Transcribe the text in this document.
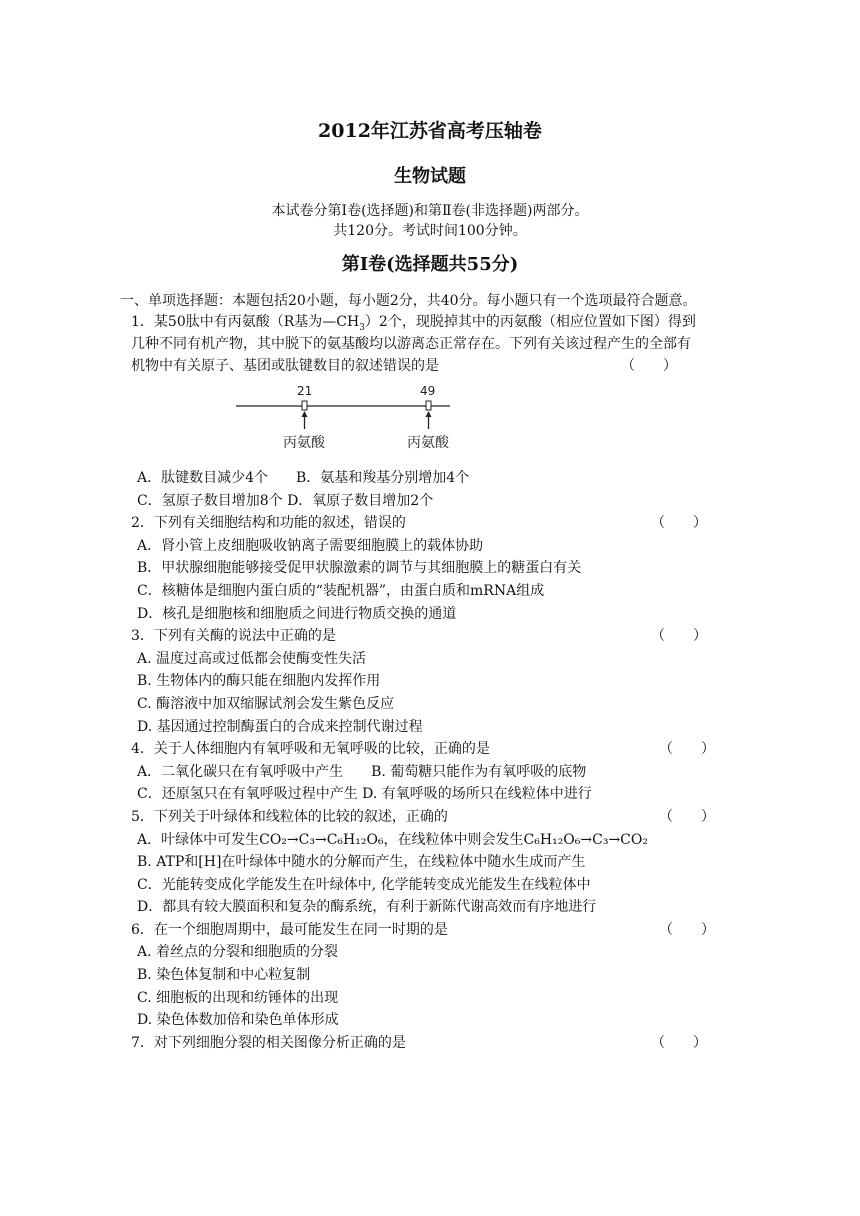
2012年江苏省高考压轴卷
生物试题
本试卷分第Ⅰ卷(选择题)和第Ⅱ卷(非选择题)两部分。
共120分。考试时间100分钟。
第Ⅰ卷(选择题共55分)
一、单项选择题：本题包括20小题，每小题2分，共40分。每小题只有一个选项最符合题意。
1．某50肽中有丙氨酸（R基为$—CH_3)2$个，现脱掉其中的丙氨酸（相应位置如下图）得到
几种不同有机产物，其中脱下的氨基酸均以游离态正常存在。下列有关该过程产生的全部有
机物中有关原子、基团或肽键数目的叙述错误的是	（　　）
21	49
丙氨酸	丙氨酸
A．肽键数目减少4个　　B．氨基和羧基分别增加4个
C．氢原子数目增加8个 D．氧原子数目增加2个
2．下列有关细胞结构和功能的叙述，错误的	（　　）
A．肾小管上皮细胞吸收钠离子需要细胞膜上的载体协助
B．甲状腺细胞能够接受促甲状腺激素的调节与其细胞膜上的糖蛋白有关
C．核糖体是细胞内蛋白质的“装配机器”，由蛋白质和mRNA组成
D．核孔是细胞核和细胞质之间进行物质交换的通道
3．下列有关酶的说法中正确的是	（　　）
A. 温度过高或过低都会使酶变性失活
B. 生物体内的酶只能在细胞内发挥作用
C. 酶溶液中加双缩脲试剂会发生紫色反应
D. 基因通过控制酶蛋白的合成来控制代谢过程
4．关于人体细胞内有氧呼吸和无氧呼吸的比较，正确的是	（　　）
A．二氧化碳只在有氧呼吸中产生　　B. 葡萄糖只能作为有氧呼吸的底物
C．还原氢只在有氧呼吸过程中产生 D. 有氧呼吸的场所只在线粒体中进行
5．下列关于叶绿体和线粒体的比较的叙述，正确的	（　　）
A．叶绿体中可发生CO₂→C₃→C₆H₁₂O₆，在线粒体中则会发生C₆H₁₂O₆→C₃→CO₂
B. ATP和[H]在叶绿体中随水的分解而产生，在线粒体中随水生成而产生
C．光能转变成化学能发生在叶绿体中, 化学能转变成光能发生在线粒体中
D．都具有较大膜面积和复杂的酶系统，有利于新陈代谢高效而有序地进行
6．在一个细胞周期中，最可能发生在同一时期的是	（　　）
A. 着丝点的分裂和细胞质的分裂
B. 染色体复制和中心粒复制
C. 细胞板的出现和纺锤体的出现
D. 染色体数加倍和染色单体形成
7．对下列细胞分裂的相关图像分析正确的是	（　　）
